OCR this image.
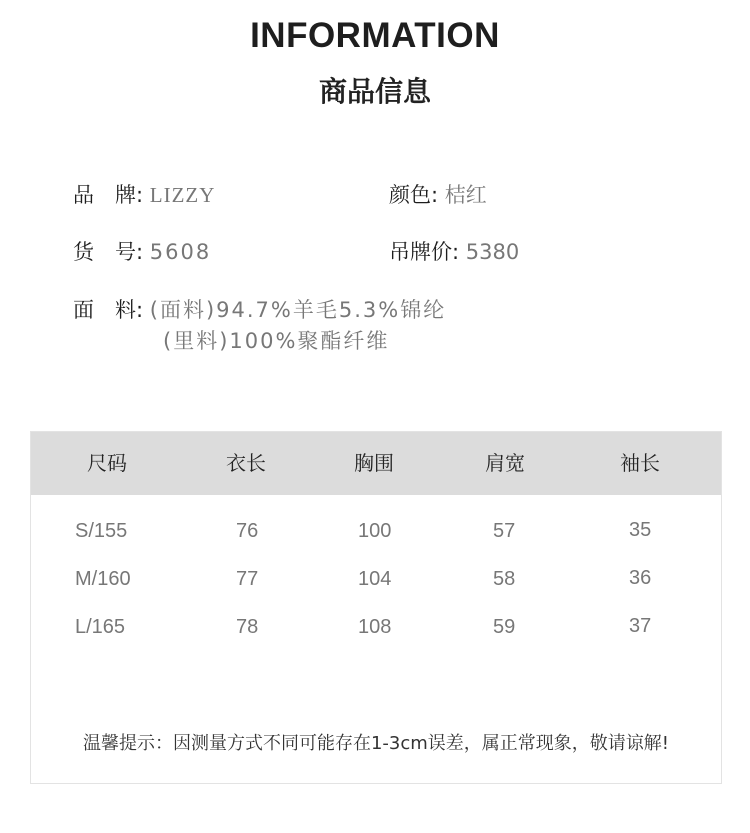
INFORMATION
商品信息
品　牌: LIZZY	颜色: 桔红
货　号: 5608	吊牌价: 5380
面　料: (面料)94.7%羊毛5.3%锦纶
(里料)100%聚酯纤维
尺码	衣长	胸围	肩宽	袖长
S/155	76	100	57	35
M/160	77	104	58	36
L/165	78	108	59	37
温馨提示：因测量方式不同可能存在1-3cm误差，属正常现象，敬请谅解!
